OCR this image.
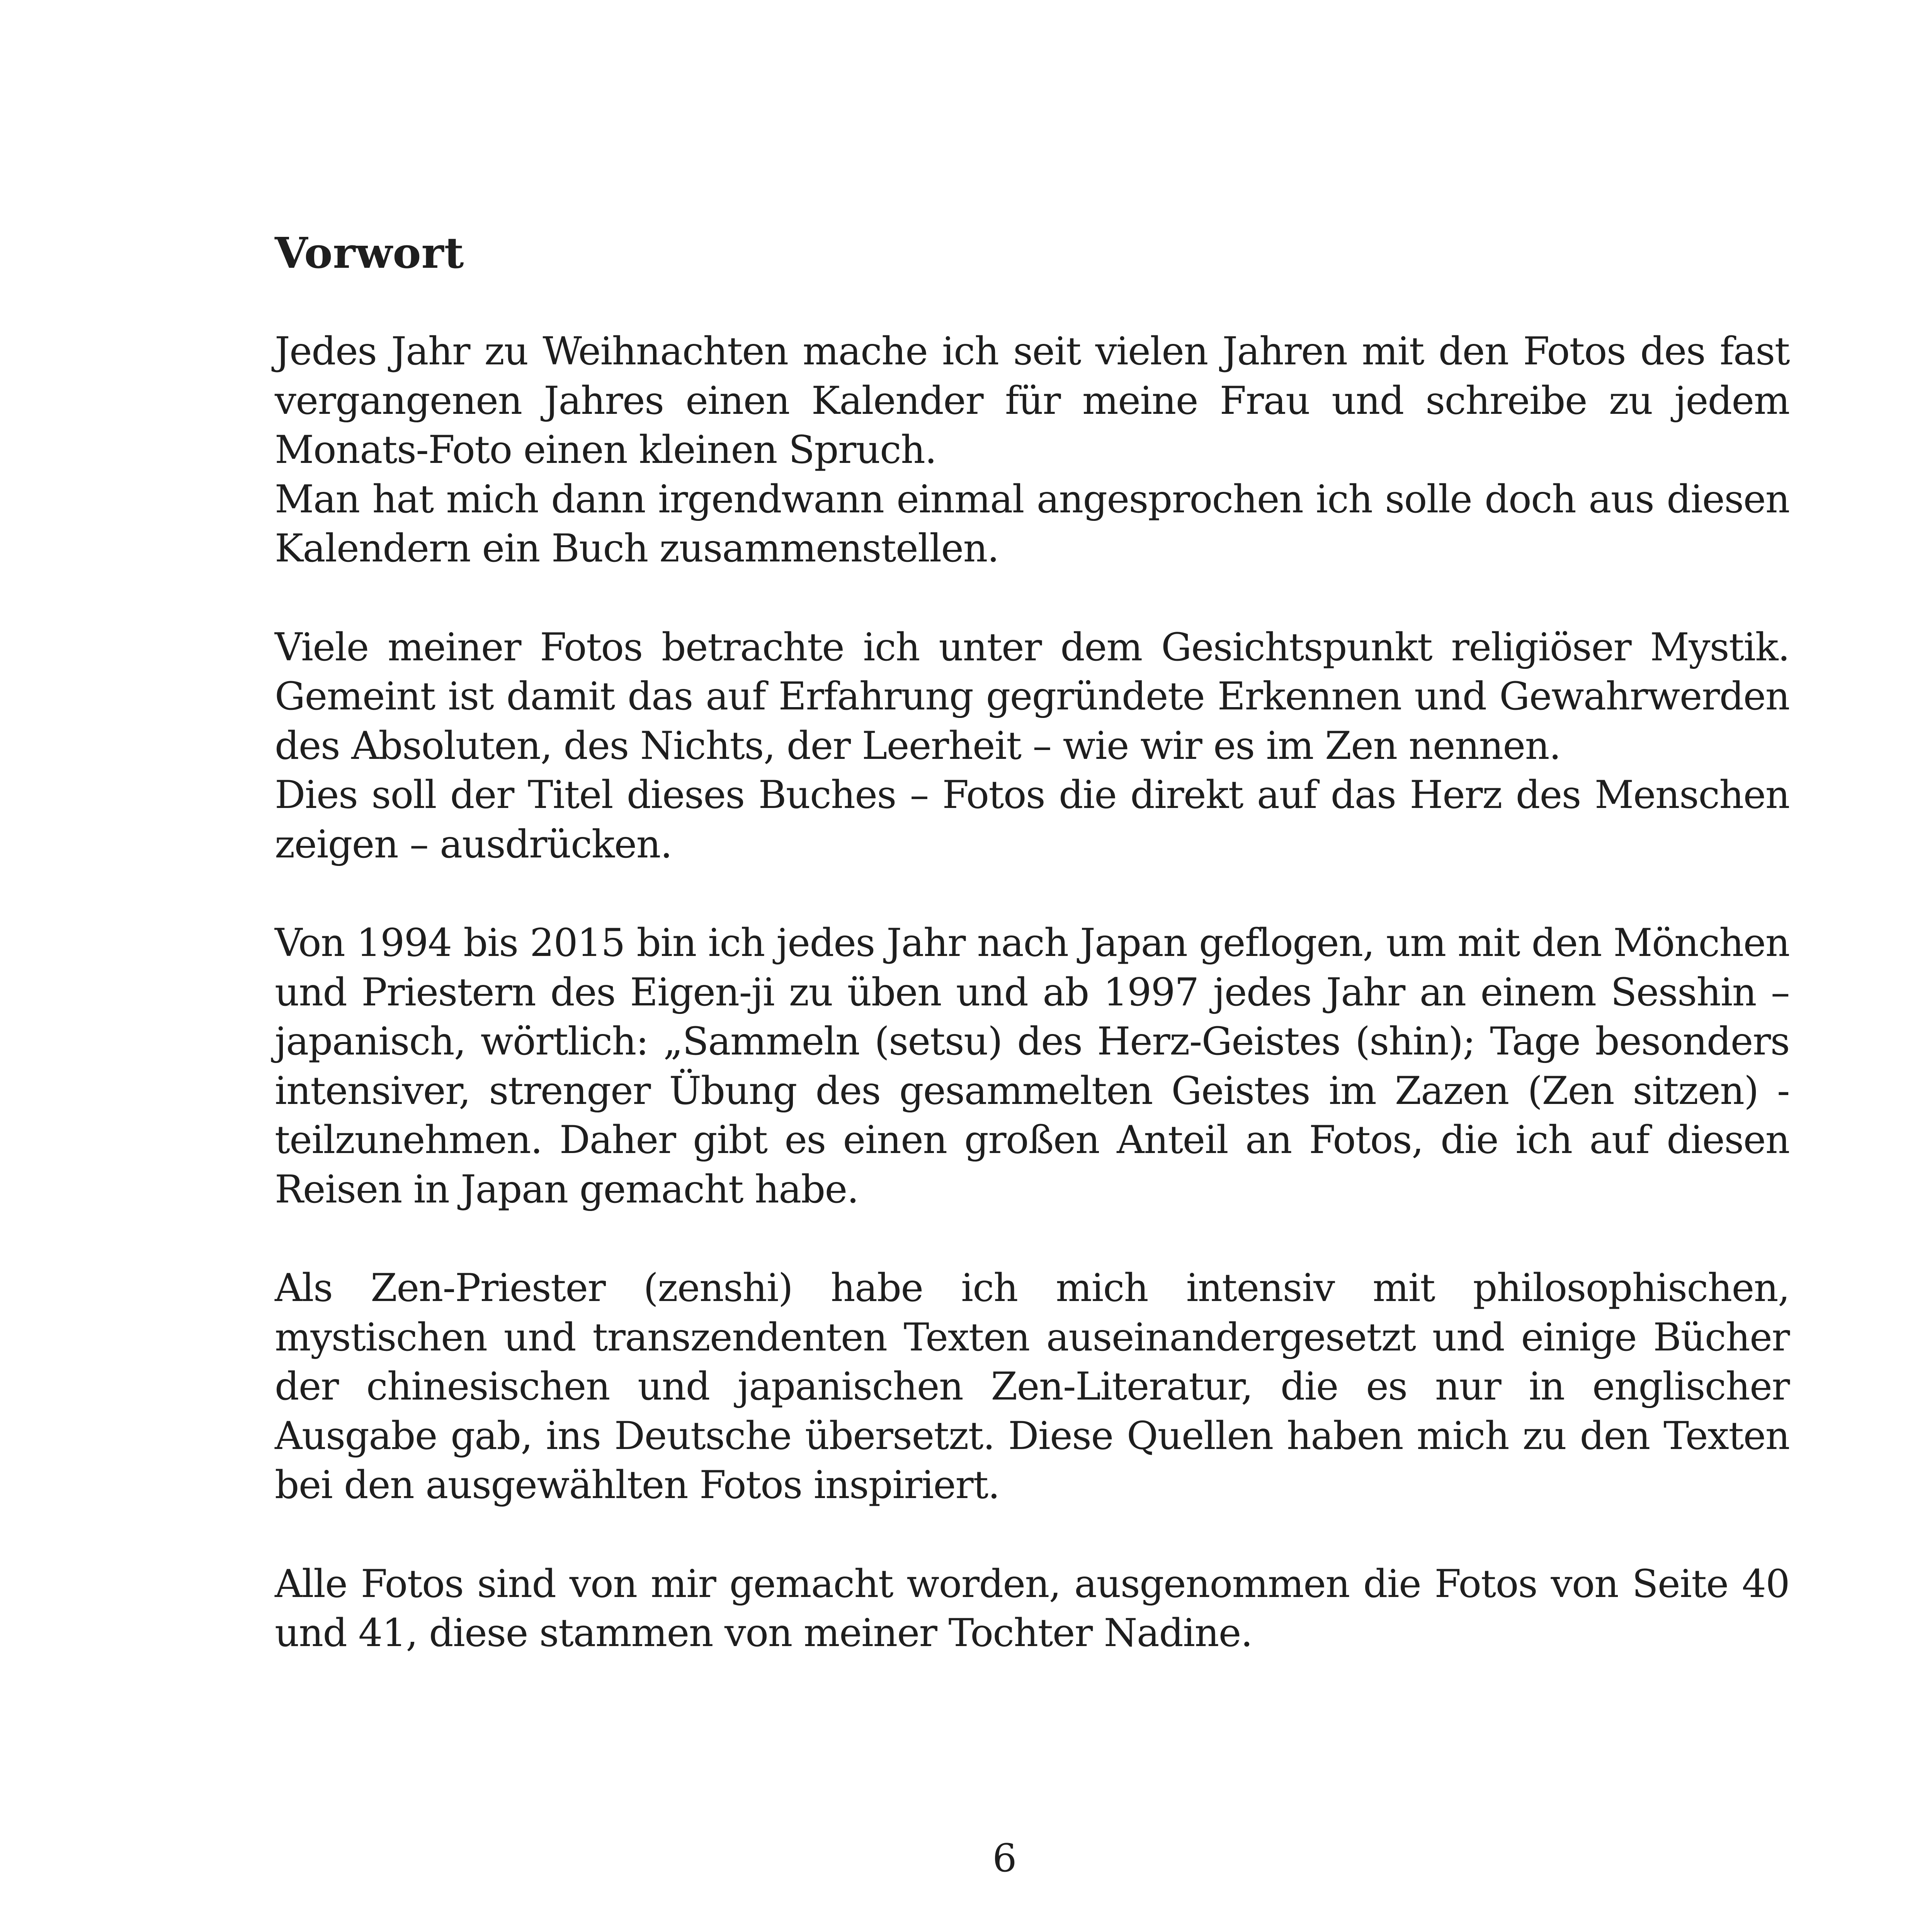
Vorwort

Jedes Jahr zu Weihnachten mache ich seit vielen Jahren mit den Fotos des fast
vergangenen Jahres einen Kalender für meine Frau und schreibe zu jedem
Monats-Foto einen kleinen Spruch.
Man hat mich dann irgendwann einmal angesprochen ich solle doch aus diesen
Kalendern ein Buch zusammenstellen.

Viele meiner Fotos betrachte ich unter dem Gesichtspunkt religiöser Mystik.
Gemeint ist damit das auf Erfahrung gegründete Erkennen und Gewahrwerden
des Absoluten, des Nichts, der Leerheit – wie wir es im Zen nennen.
Dies soll der Titel dieses Buches – Fotos die direkt auf das Herz des Menschen
zeigen – ausdrücken.

Von 1994 bis 2015 bin ich jedes Jahr nach Japan geflogen, um mit den Mönchen
und Priestern des Eigen-ji zu üben und ab 1997 jedes Jahr an einem Sesshin –
japanisch, wörtlich: „Sammeln (setsu) des Herz-Geistes (shin); Tage besonders
intensiver, strenger Übung des gesammelten Geistes im Zazen (Zen sitzen) -
teilzunehmen. Daher gibt es einen großen Anteil an Fotos, die ich auf diesen
Reisen in Japan gemacht habe.

Als Zen-Priester (zenshi) habe ich mich intensiv mit philosophischen,
mystischen und transzendenten Texten auseinandergesetzt und einige Bücher
der chinesischen und japanischen Zen-Literatur, die es nur in englischer
Ausgabe gab, ins Deutsche übersetzt. Diese Quellen haben mich zu den Texten
bei den ausgewählten Fotos inspiriert.

Alle Fotos sind von mir gemacht worden, ausgenommen die Fotos von Seite 40
und 41, diese stammen von meiner Tochter Nadine.

6
